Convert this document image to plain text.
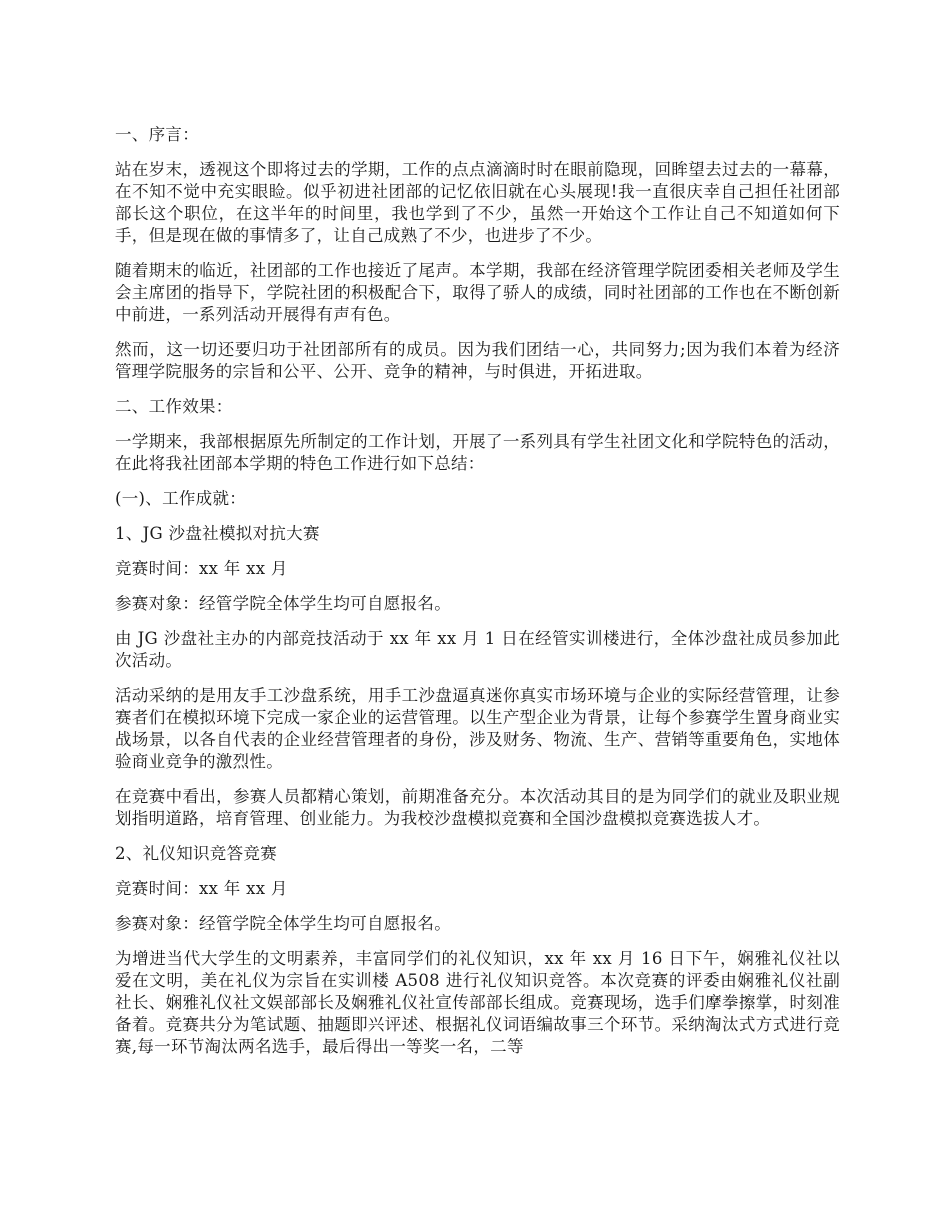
一、序言：

站在岁末，透视这个即将过去的学期，工作的点点滴滴时时在眼前隐现，回眸望去过去的一幕幕，在不知不觉中充实眼睑。似乎初进社团部的记忆依旧就在心头展现!我一直很庆幸自己担任社团部部长这个职位，在这半年的时间里，我也学到了不少，虽然一开始这个工作让自己不知道如何下手，但是现在做的事情多了，让自己成熟了不少，也进步了不少。

随着期末的临近，社团部的工作也接近了尾声。本学期，我部在经济管理学院团委相关老师及学生会主席团的指导下，学院社团的积极配合下，取得了骄人的成绩，同时社团部的工作也在不断创新中前进，一系列活动开展得有声有色。

然而，这一切还要归功于社团部所有的成员。因为我们团结一心，共同努力;因为我们本着为经济管理学院服务的宗旨和公平、公开、竞争的精神，与时俱进，开拓进取。

二、工作效果：

一学期来，我部根据原先所制定的工作计划，开展了一系列具有学生社团文化和学院特色的活动，在此将我社团部本学期的特色工作进行如下总结：

(一)、工作成就：

1、JG 沙盘社模拟对抗大赛

竞赛时间：xx 年 xx 月

参赛对象：经管学院全体学生均可自愿报名。

由 JG 沙盘社主办的内部竞技活动于 xx 年 xx 月 1 日在经管实训楼进行，全体沙盘社成员参加此次活动。

活动采纳的是用友手工沙盘系统，用手工沙盘逼真迷你真实市场环境与企业的实际经营管理，让参赛者们在模拟环境下完成一家企业的运营管理。以生产型企业为背景，让每个参赛学生置身商业实战场景，以各自代表的企业经营管理者的身份，涉及财务、物流、生产、营销等重要角色，实地体验商业竞争的激烈性。

在竞赛中看出，参赛人员都精心策划，前期准备充分。本次活动其目的是为同学们的就业及职业规划指明道路，培育管理、创业能力。为我校沙盘模拟竞赛和全国沙盘模拟竞赛选拔人才。

2、礼仪知识竞答竞赛

竞赛时间：xx 年 xx 月

参赛对象：经管学院全体学生均可自愿报名。

为增进当代大学生的文明素养，丰富同学们的礼仪知识，xx 年 xx 月 16 日下午，娴雅礼仪社以爱在文明，美在礼仪为宗旨在实训楼 A508 进行礼仪知识竞答。本次竞赛的评委由娴雅礼仪社副社长、娴雅礼仪社文娱部部长及娴雅礼仪社宣传部部长组成。竞赛现场，选手们摩拳擦掌，时刻准备着。竞赛共分为笔试题、抽题即兴评述、根据礼仪词语编故事三个环节。采纳淘汰式方式进行竞赛,每一环节淘汰两名选手，最后得出一等奖一名，二等
